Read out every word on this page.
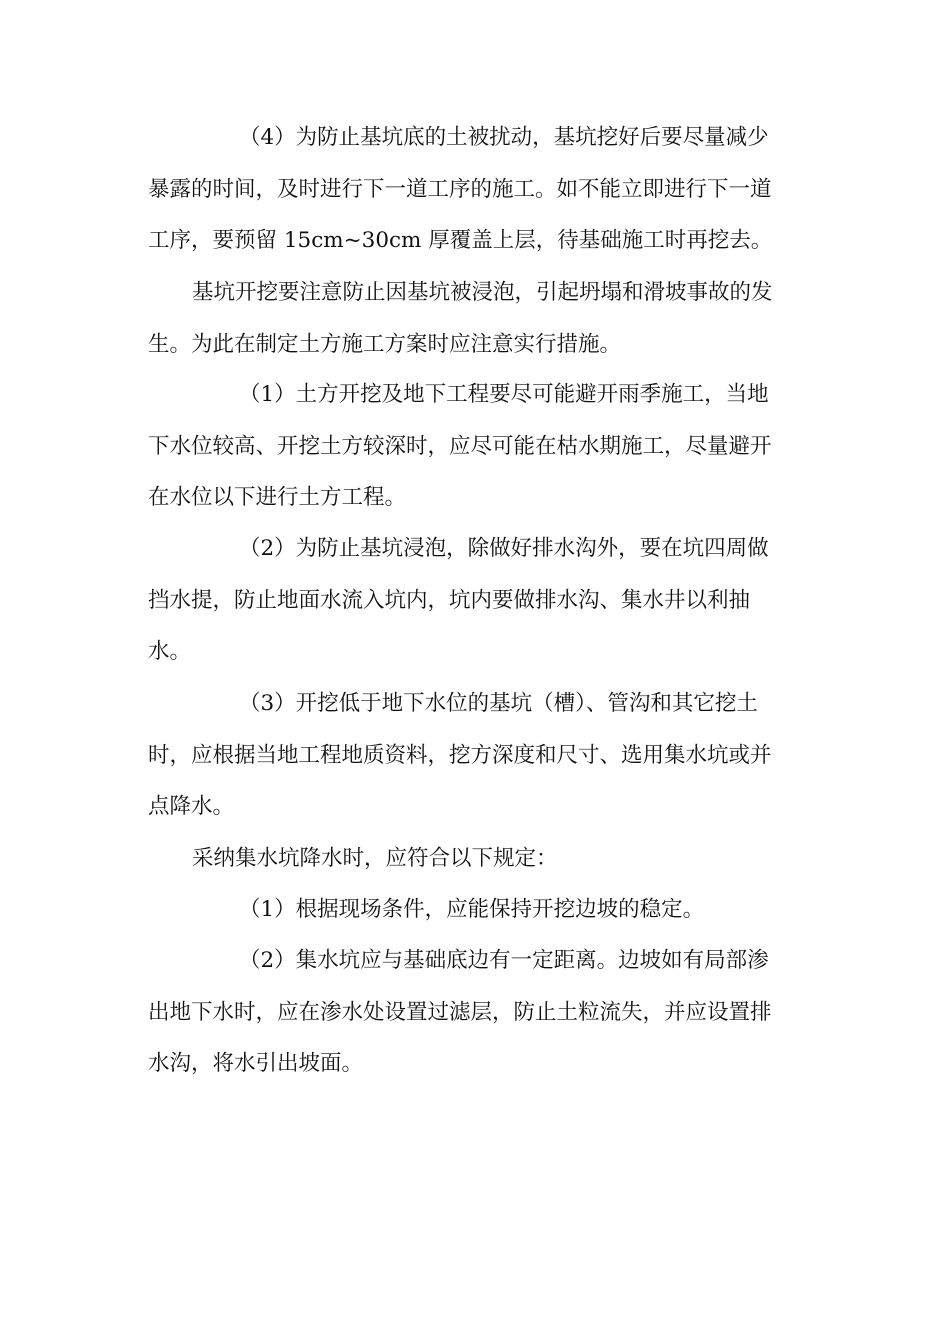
（4）为防止基坑底的土被扰动，基坑挖好后要尽量减少
暴露的时间，及时进行下一道工序的施工。如不能立即进行下一道
工序，要预留 15cm~30cm 厚覆盖上层，待基础施工时再挖去。
基坑开挖要注意防止因基坑被浸泡，引起坍塌和滑坡事故的发
生。为此在制定土方施工方案时应注意实行措施。
（1）土方开挖及地下工程要尽可能避开雨季施工，当地
下水位较高、开挖土方较深时，应尽可能在枯水期施工，尽量避开
在水位以下进行土方工程。
（2）为防止基坑浸泡，除做好排水沟外，要在坑四周做
挡水提，防止地面水流入坑内，坑内要做排水沟、集水井以利抽
水。
（3）开挖低于地下水位的基坑（槽）、管沟和其它挖土
时，应根据当地工程地质资料，挖方深度和尺寸、选用集水坑或并
点降水。
采纳集水坑降水时，应符合以下规定：
（1）根据现场条件，应能保持开挖边坡的稳定。
（2）集水坑应与基础底边有一定距离。边坡如有局部渗
出地下水时，应在渗水处设置过滤层，防止土粒流失，并应设置排
水沟，将水引出坡面。
